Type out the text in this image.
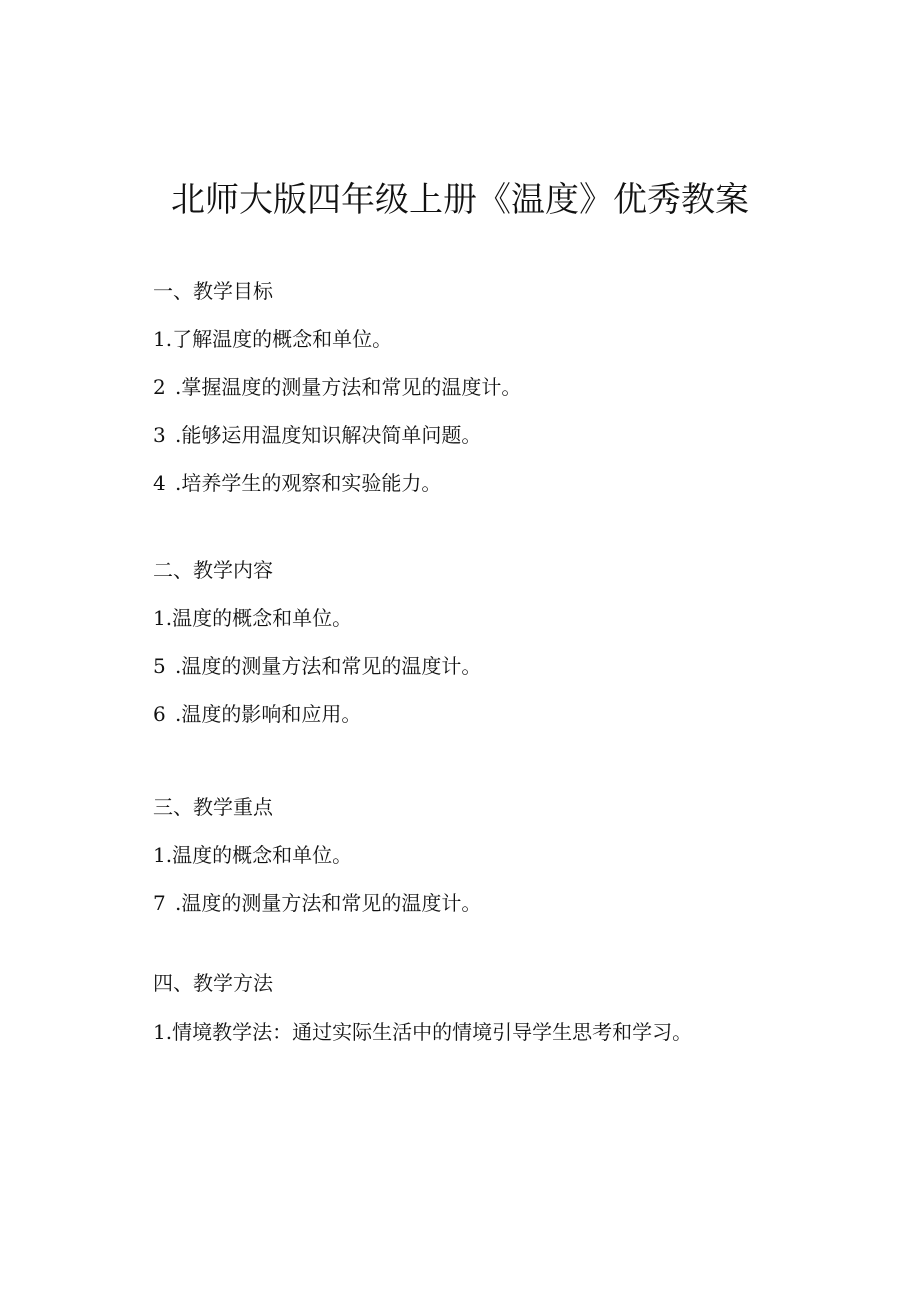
北师大版四年级上册《温度》优秀教案

一、教学目标

1.了解温度的概念和单位。

2 .掌握温度的测量方法和常见的温度计。

3 .能够运用温度知识解决简单问题。

4 .培养学生的观察和实验能力。

二、教学内容

1.温度的概念和单位。

5 .温度的测量方法和常见的温度计。

6 .温度的影响和应用。

三、教学重点

1.温度的概念和单位。

7 .温度的测量方法和常见的温度计。

四、教学方法

1.情境教学法：通过实际生活中的情境引导学生思考和学习。
